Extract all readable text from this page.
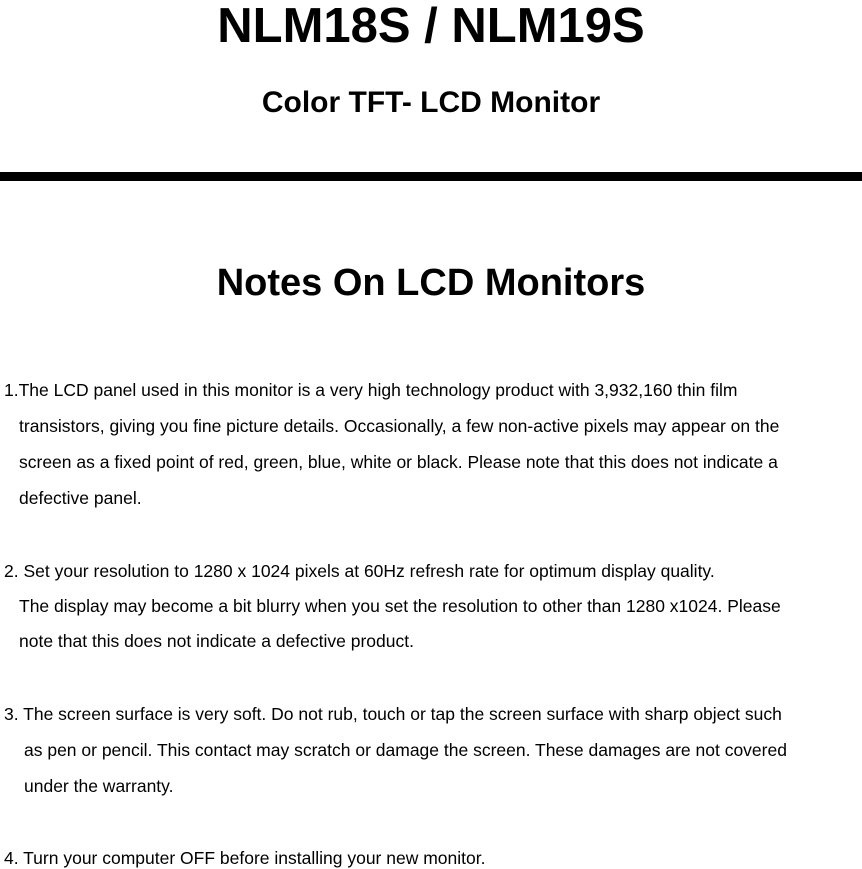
NLM18S / NLM19S
Color TFT- LCD Monitor
Notes On LCD Monitors
1.The LCD panel used in this monitor is a very high technology product with 3,932,160 thin film
transistors, giving you fine picture details. Occasionally, a few non-active pixels may appear on the
screen as a fixed point of red, green, blue, white or black. Please note that this does not indicate a
defective panel.
2. Set your resolution to 1280 x 1024 pixels at 60Hz refresh rate for optimum display quality.
The display may become a bit blurry when you set the resolution to other than 1280 x1024. Please
note that this does not indicate a defective product.
3. The screen surface is very soft. Do not rub, touch or tap the screen surface with sharp object such
as pen or pencil. This contact may scratch or damage the screen. These damages are not covered
under the warranty.
4. Turn your computer OFF before installing your new monitor.
